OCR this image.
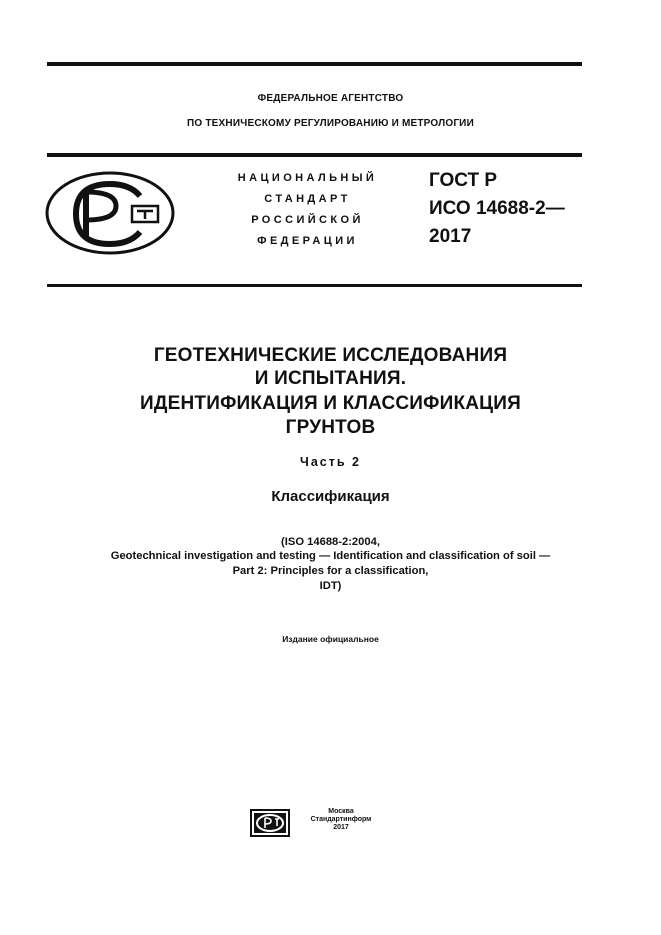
ФЕДЕРАЛЬНОЕ АГЕНТСТВО
ПО ТЕХНИЧЕСКОМУ РЕГУЛИРОВАНИЮ И МЕТРОЛОГИИ
НАЦИОНАЛЬНЫЙ
СТАНДАРТ
РОССИЙСКОЙ
ФЕДЕРАЦИИ
ГОСТ Р
ИСО 14688-2—
2017
ГЕОТЕХНИЧЕСКИЕ ИССЛЕДОВАНИЯ
И ИСПЫТАНИЯ.
ИДЕНТИФИКАЦИЯ И КЛАССИФИКАЦИЯ
ГРУНТОВ
Часть 2
Классификация
(ISO 14688-2:2004,
Geotechnical investigation and testing — Identification and classification of soil —
Part 2: Principles for a classification,
IDT)
Издание официальное
Москва
Стандартинформ
2017
